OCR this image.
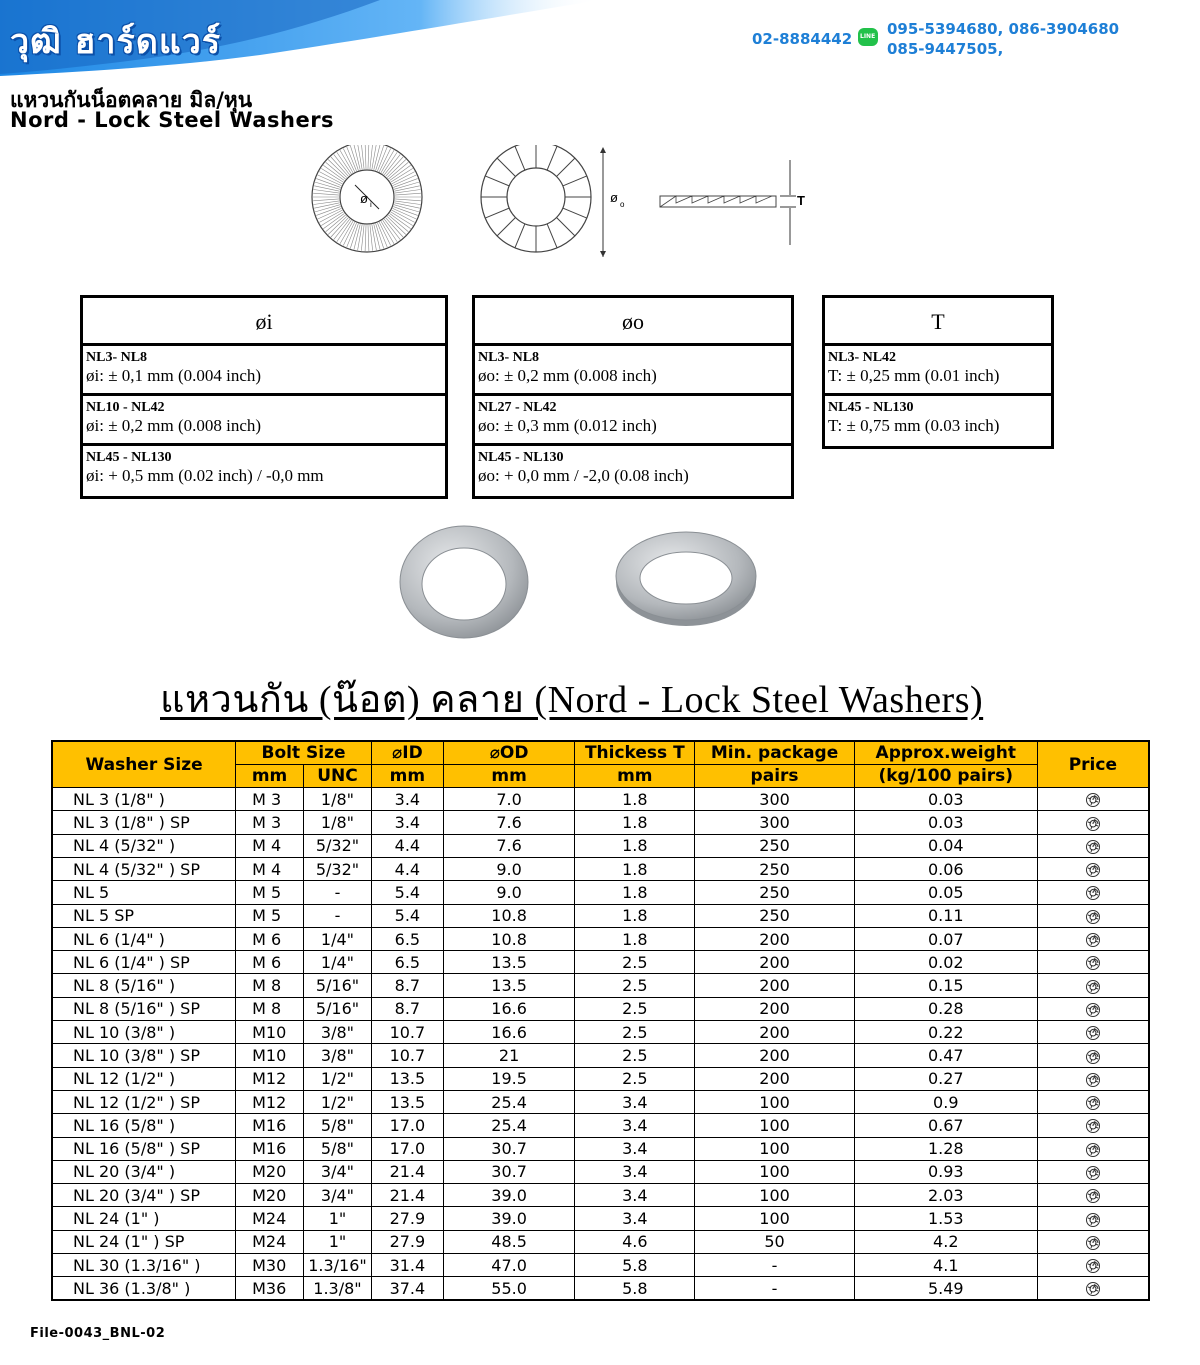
วุฒิ ฮาร์ดแวร์	02-8884442
LINE
095-5394680, 086-3904680
085-9447505,
แหวนกันน็อตคลาย มิล/หุน
Nord - Lock Steel Washers
ø i	ø o	T
øi
NL3- NL8
øi: ± 0,1 mm (0.004 inch)
NL10 - NL42
øi: ± 0,2 mm (0.008 inch)
NL45 - NL130
øi: + 0,5 mm (0.02 inch) / -0,0 mm
øo
NL3- NL8
øo: ± 0,2 mm (0.008 inch)
NL27 - NL42
øo: ± 0,3 mm (0.012 inch)
NL45 - NL130
øo: + 0,0 mm / -2,0 (0.08 inch)
T
NL3- NL42
T: ± 0,25 mm (0.01 inch)
NL45 - NL130
T: ± 0,75 mm (0.03 inch)
แหวนกัน (น๊อต) คลาย (Nord - Lock Steel Washers)
Washer Size	Bolt Size		⌀ID	⌀OD	Thickess T	Min. package	Approx.weight	Price
	mm	UNC	mm	mm	mm	pairs	(kg/100 pairs)	
NL 3 (1/8" )	M 3	1/8"	3.4	7.0	1.8	300	0.03	
NL 3 (1/8" ) SP	M 3	1/8"	3.4	7.6	1.8	300	0.03	
NL 4 (5/32" )	M 4	5/32"	4.4	7.6	1.8	250	0.04	
NL 4 (5/32" ) SP	M 4	5/32"	4.4	9.0	1.8	250	0.06	
NL 5	M 5	-	5.4	9.0	1.8	250	0.05	
NL 5 SP	M 5	-	5.4	10.8	1.8	250	0.11	
NL 6 (1/4" )	M 6	1/4"	6.5	10.8	1.8	200	0.07	
NL 6 (1/4" ) SP	M 6	1/4"	6.5	13.5	2.5	200	0.02	
NL 8 (5/16" )	M 8	5/16"	8.7	13.5	2.5	200	0.15	
NL 8 (5/16" ) SP	M 8	5/16"	8.7	16.6	2.5	200	0.28	
NL 10 (3/8" )	M10	3/8"	10.7	16.6	2.5	200	0.22	
NL 10 (3/8" ) SP	M10	3/8"	10.7	21	2.5	200	0.47	
NL 12 (1/2" )	M12	1/2"	13.5	19.5	2.5	200	0.27	
NL 12 (1/2" ) SP	M12	1/2"	13.5	25.4	3.4	100	0.9	
NL 16 (5/8" )	M16	5/8"	17.0	25.4	3.4	100	0.67	
NL 16 (5/8" ) SP	M16	5/8"	17.0	30.7	3.4	100	1.28	
NL 20 (3/4" )	M20	3/4"	21.4	30.7	3.4	100	0.93	
NL 20 (3/4" ) SP	M20	3/4"	21.4	39.0	3.4	100	2.03	
NL 24 (1" )	M24	1"	27.9	39.0	3.4	100	1.53	
NL 24 (1" ) SP	M24	1"	27.9	48.5	4.6	50	4.2	
NL 30 (1.3/16" )	M30	1.3/16"	31.4	47.0	5.8	-	4.1	
NL 36 (1.3/8" )	M36	1.3/8"	37.4	55.0	5.8	-	5.49	
File-0043_BNL-02
